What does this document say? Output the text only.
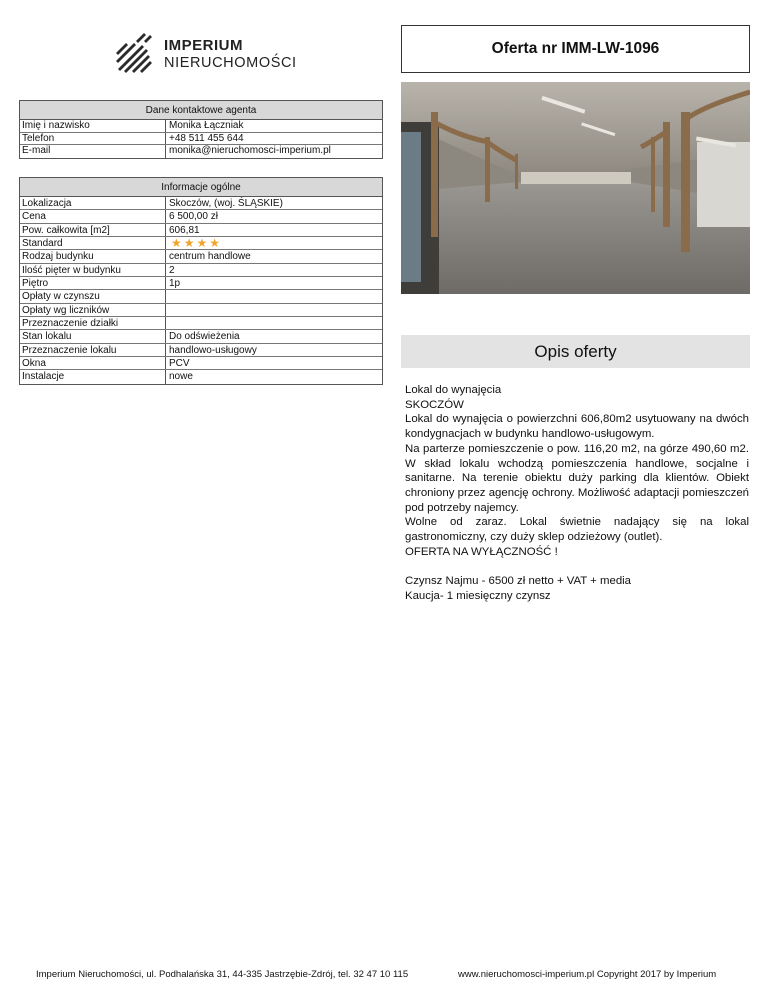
IMPERIUM
NIERUCHOMOŚCI
Oferta nr IMM-LW-1096
Dane kontaktowe agenta
Imię i nazwisko	Monika Łączniak
Telefon	+48 511 455 644
E-mail	monika@nieruchomosci-imperium.pl
Informacje ogólne
Lokalizacja	Skoczów, (woj. ŚLĄSKIE)
Cena	6 500,00 zł
Pow. całkowita [m2]	606,81
Standard	★ ★ ★ ★
Rodzaj budynku	centrum handlowe
Ilość pięter w budynku	2
Piętro	1p
Opłaty w czynszu
Opłaty wg liczników
Przeznaczenie działki
Stan lokalu	Do odświeżenia
Przeznaczenie lokalu	handlowo-usługowy
Okna	PCV
Instalacje	nowe
Opis oferty

Lokal do wynajęcia

SKOCZÓW

Lokal do wynajęcia o powierzchni 606,80m2 usytuowany na dwóch kondygnacjach w budynku handlowo-usługowym.

Na parterze pomieszczenie o pow. 116,20 m2, na górze 490,60 m2. W skład lokalu wchodzą pomieszczenia handlowe, socjalne i sanitarne. Na terenie obiektu duży parking dla klientów. Obiekt chroniony przez agencję ochrony. Możliwość adaptacji pomieszczeń pod potrzeby najemcy.

Wolne od zaraz. Lokal świetnie nadający się na lokal gastronomiczny, czy duży sklep odzieżowy (outlet).

OFERTA NA WYŁĄCZNOŚĆ !

Czynsz Najmu - 6500 zł netto + VAT + media

Kaucja- 1 miesięczny czynsz

Imperium Nieruchomości, ul. Podhalańska 31, 44-335 Jastrzębie-Zdrój, tel. 32 47 10 115	www.nieruchomosci-imperium.pl Copyright 2017 by Imperium
